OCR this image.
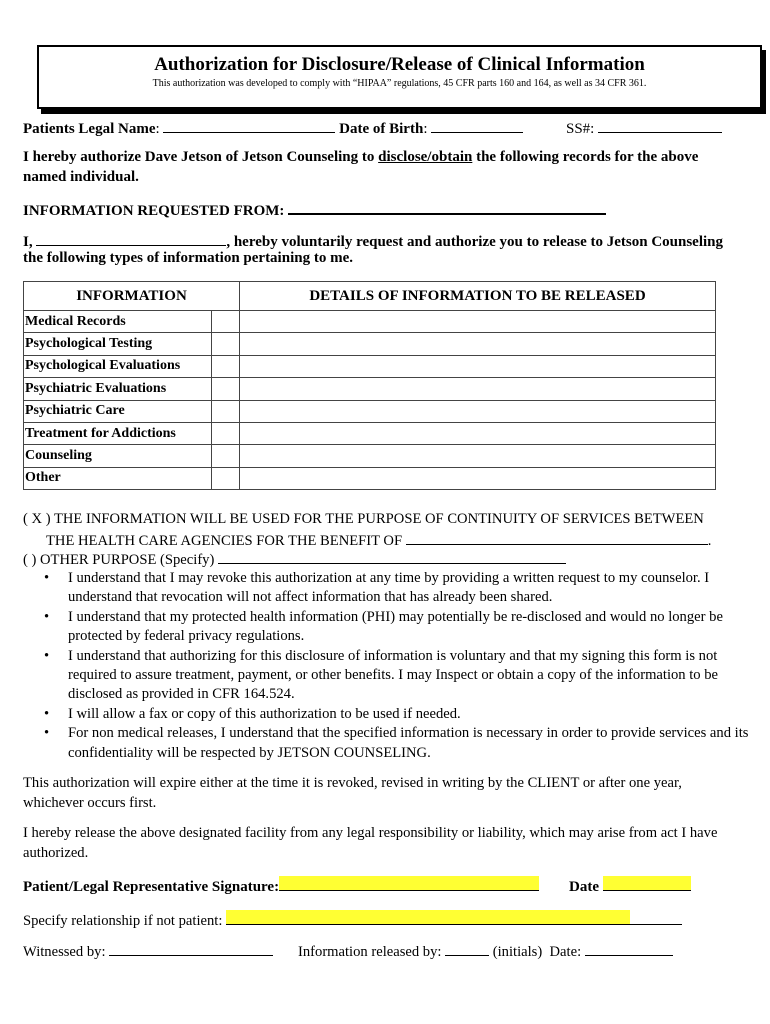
Authorization for Disclosure/Release of Clinical Information
This authorization was developed to comply with “HIPAA” regulations, 45 CFR parts 160 and 164, as well as 34 CFR 361.
Patients Legal Name:	Date of Birth:	SS#:
I hereby authorize Dave Jetson of Jetson Counseling to disclose/obtain the following records for the above
named individual.
INFORMATION REQUESTED FROM:
I,	, hereby voluntarily request and authorize you to release to Jetson Counseling
the following types of information pertaining to me.
INFORMATION		DETAILS OF INFORMATION TO BE RELEASED
Medical Records		
Psychological Testing		
Psychological Evaluations		
Psychiatric Evaluations		
Psychiatric Care		
Treatment for Addictions		
Counseling		
Other		
( X ) THE INFORMATION WILL BE USED FOR THE PURPOSE OF CONTINUITY OF SERVICES BETWEEN
THE HEALTH CARE AGENCIES FOR THE BENEFIT OF	.
( ) OTHER PURPOSE (Specify)
•	I understand that I may revoke this authorization at any time by providing a written request to my counselor. I understand that revocation will not affect information that has already been shared.
•	I understand that my protected health information (PHI) may potentially be re-disclosed and would no longer be protected by federal privacy regulations.
•	I understand that authorizing for this disclosure of information is voluntary and that my signing this form is not required to assure treatment, payment, or other benefits. I may Inspect or obtain a copy of the information to be disclosed as provided in CFR 164.524.
•	I will allow a fax or copy of this authorization to be used if needed.
•	For non medical releases, I understand that the specified information is necessary in order to provide services and its confidentiality will be respected by JETSON COUNSELING.
This authorization will expire either at the time it is revoked, revised in writing by the CLIENT or after one year,
whichever occurs first.
I hereby release the above designated facility from any legal responsibility or liability, which may arise from act I have
authorized.
Patient/Legal Representative Signature:	Date
Specify relationship if not patient:
Witnessed by:	Information released by:	(initials) Date:
